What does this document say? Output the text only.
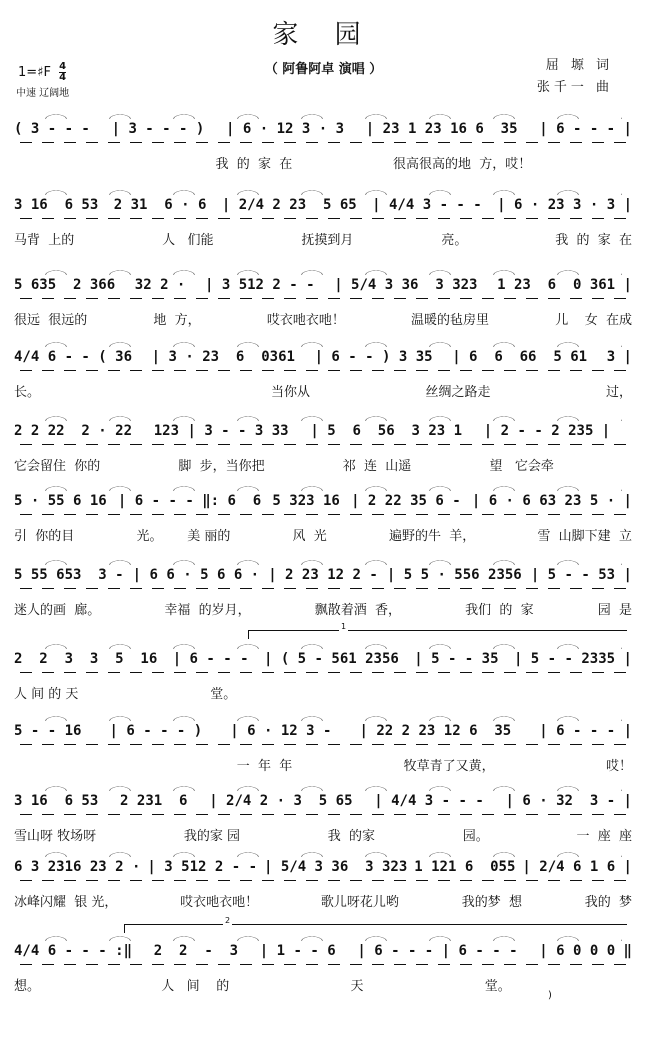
家 园
（ 阿鲁阿卓 演唱 ）	屈 塬 词
张千一 曲
1=♯F $\frac{4}{4}$
中速 辽阔地
( 3 - - - | 3 - - - ) | 6 · 12 3 · 3 | 23 1 23 16 6  35 | 6 - - - |
我  的  家  在	很高很高的地  方，哎！
3 16  6 53 2 31  6 · 6 | 2/4 2 23  5 65 | 4/4 3 - - - | 6 · 23 3 · 3 |
马背  上的	人   们能	抚摸到月	亮。	我  的  家  在
5 635  2 366 32 2 · | 3 512 2 - - | 5/4 3 36  3 323 1 23  6  0 361 |
很远  很远的	地  方，	哎衣吔衣吔！	温暖的毡房里	儿    女  在成
4/4 6 - - ( 36 | 3 · 23  6  0361 | 6 - - ) 3 35 | 6  6  66  5 61 3 |
长。	当你从	丝绸之路走	过，
2 2 22  2 · 22 123 | 3 - - 3 33 | 5  6  56  3 23 1 | 2 - - 2 235 |
它会留住  你的	脚  步，当你把	祁  连  山遥	望   它会牵
5 · 55 6 16 | 6 - - - ‖: 6  6 5 323 16 | 2 22 35 6 - | 6 · 6 63 23 5 · |
引  你的目	光。      美 丽的	风  光	遍野的牛  羊，	雪  山脚下建  立
5 55 653  3 - | 6 6 · 5 6 6 · | 2 23 12 2 - | 5 5 · 556 2356 | 5 - - 53 |
迷人的画  廊。	幸福  的岁月，	飘散着酒  香，	我们  的  家	园  是
1
2  2  3  3  5  16 | 6 - - - | ( 5 - 561 2356 | 5 - - 35 | 5 - - 2335 |
人 间 的 天	堂。
5 - - 16 | 6 - - - ) | 6 · 12 3 - | 22 2 23 12 6  35 | 6 - - - |
一  年  年	牧草青了又黄，	哎！
3 16  6 53 2 231  6 | 2/4 2 · 3  5 65 | 4/4 3 - - - | 6 · 32  3 - |
雪山呀 牧场呀	我的家 园	我  的家	园。	一  座  座
6 3 2316 23 2 · | 3 512 2 - - | 5/4 3 36  3 323 1 121 6  055 | 2/4 6 1 6 |
冰峰闪耀  银 光，	哎衣吔衣吔！	歌儿呀花儿哟	我的梦  想	我的  梦
2
4/4 6 - - - :‖ 2  2  -  3 | 1 - - 6 | 6 - - - | 6 - - - | 6 0 0 0 ‖
想。	人   间    的	天	堂。
)
